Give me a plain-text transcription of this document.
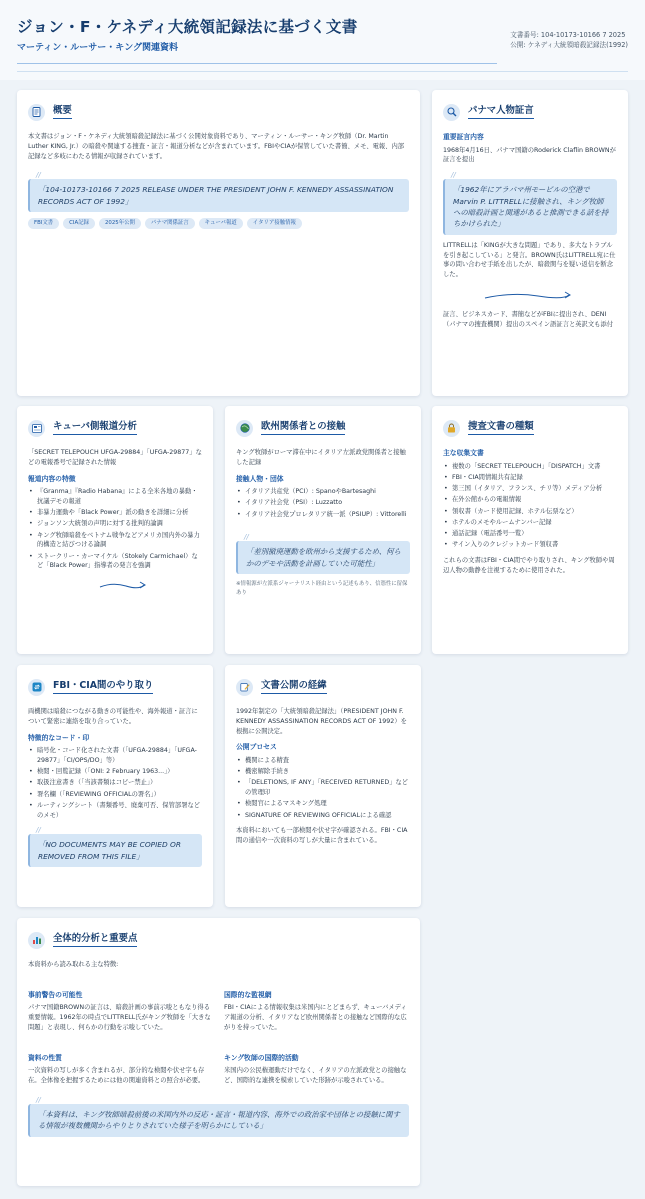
ジョン・F・ケネディ大統領記録法に基づく文書
マーティン・ルーサー・キング関連資料
文書番号: 104-10173-10166 7 2025
公開: ケネディ大統領暗殺記録法(1992)
概要

本文書はジョン・F・ケネディ大統領暗殺記録法に基づく公開対象資料であり、マーティン・ルーサー・キング牧師（Dr. Martin Luther KING, Jr.）の暗殺や関連する捜査・証言・報道分析などが含まれています。FBIやCIAが保管していた書簡、メモ、電報、内部記録など多岐にわたる情報が収録されています。

// 「104-10173-10166 7 2025 RELEASE UNDER THE PRESIDENT JOHN F. KENNEDY ASSASSINATION RECORDS ACT OF 1992」
FBI文書	CIA記録	2025年公開	パナマ関係証言	キューバ報道	イタリア接触情報
パナマ人物証言
重要証言内容

1968年4月16日、パナマ国籍のRoderick Claflin BROWNが証言を提出

// 「1962年にアラバマ州モービルの空港でMarvin P. LITTRELLに接触され、キング牧師への暗殺計画と関連があると推測できる話を持ちかけられた」

LITTRELLは「KINGが大きな問題」であり、多大なトラブルを引き起こしている」と発言。BROWN氏はLITTRELL宛に仕事の問い合わせ手紙を出したが、暗殺関与を疑い返信を断念した。

証言、ビジネスカード、書簡などがFBIに提出され、DENI（パナマの捜査機関）提出のスペイン語証言と英訳文も添付

キューバ側報道分析

「SECRET TELEPOUCH UFGA-29884」「UFGA-29877」などの電報番号で記録された情報

報道内容の特徴
• 『Granma』『Radio Habana』による全米各地の暴動・抗議デモの報道
• 非暴力運動や「Black Power」派の動きを詳細に分析
• ジョンソン大統領の声明に対する批判的論調
• キング牧師暗殺をベトナム戦争などアメリカ国内外の暴力的構造と結びつける論調
• ストークリー・カーマイケル（Stokely Carmichael）など「Black Power」指導者の発言を強調
欧州関係者との接触

キング牧師がローマ滞在中にイタリア左派政党関係者と接触した記録

接触人物・団体
• イタリア共産党（PCI）: SpanoやBartesaghi
• イタリア社会党（PSI）: Luzzatto
• イタリア社会党プロレタリア統一派（PSIUP）: Vittorelli
// 「差別撤廃運動を欧州から支援するため、何らかのデモや活動を計画していた可能性」
※情報源が左派系ジャーナリスト経由という記述もあり、信憑性に留保あり
捜査文書の種類
主な収集文書
• 複数の「SECRET TELEPOUCH」「DISPATCH」文書
• FBI・CIA間情報共有記録
• 第三国（イタリア、フランス、チリ等）メディア分析
• 在外公館からの電報情報
• 領収書（カード使用記録、ホテル伝票など）
• ホテルのメモやルームナンバー記録
• 通話記録（電話番号一覧）
• サイン入りのクレジットカード領収書

これらの文書はFBI・CIA間でやり取りされ、キング牧師や周辺人物の動静を注視するために使用された。

FBI・CIA間のやり取り

両機関は暗殺につながる動きの可能性や、海外報道・証言について緊密に連絡を取り合っていた。

特徴的なコード・印
• 暗号化・コード化された文書（「UFGA-29884」「UFGA-29877」「CI/OPS/DO」等）
• 検閲・回覧記録（「ONI: 2 February 1963...」）
• 取扱注意書き（「当該書類はコピー禁止」）
• 署名欄（「REVIEWING OFFICIALの署名」）
• ルーティングシート（書類番号、廃棄可否、保管部署などのメモ）
// 「NO DOCUMENTS MAY BE COPIED OR REMOVED FROM THIS FILE」
文書公開の経緯

1992年制定の「大統領暗殺記録法」（PRESIDENT JOHN F. KENNEDY ASSASSINATION RECORDS ACT OF 1992）を根拠に公開決定。

公開プロセス
• 機関による精査
• 機密解除手続き
• 「DELETIONS, IF ANY」「RECEIVED RETURNED」などの管理印
• 検閲官によるマスキング処理
• SIGNATURE OF REVIEWING OFFICIALによる確認

本資料においても一部検閲や伏せ字が確認される。FBI・CIA間の通信や一次資料の写しが大量に含まれている。

全体的分析と重要点

本資料から読み取れる主な特徴:

事前警告の可能性

パナマ国籍BROWNの証言は、暗殺計画の事前示唆ともなり得る重要情報。1962年の時点でLITTRELL氏がキング牧師を「大きな問題」と表現し、何らかの行動を示唆していた。

国際的な監視網

FBI・CIAによる情報収集は米国内にとどまらず、キューバメディア報道の分析、イタリアなど欧州関係者との接触など国際的な広がりを持っていた。

資料の性質

一次資料の写しが多く含まれるが、部分的な検閲や伏せ字も存在。全体像を把握するためには他の関連資料との照合が必要。

キング牧師の国際的活動

米国内の公民権運動だけでなく、イタリアの左派政党との接触など、国際的な連携を模索していた形跡が示唆されている。

// 「本資料は、キング牧師暗殺前後の米国内外の反応・証言・報道内容、海外での政治家や団体との接触に関する情報が複数機関からやりとりされていた様子を明らかにしている」
